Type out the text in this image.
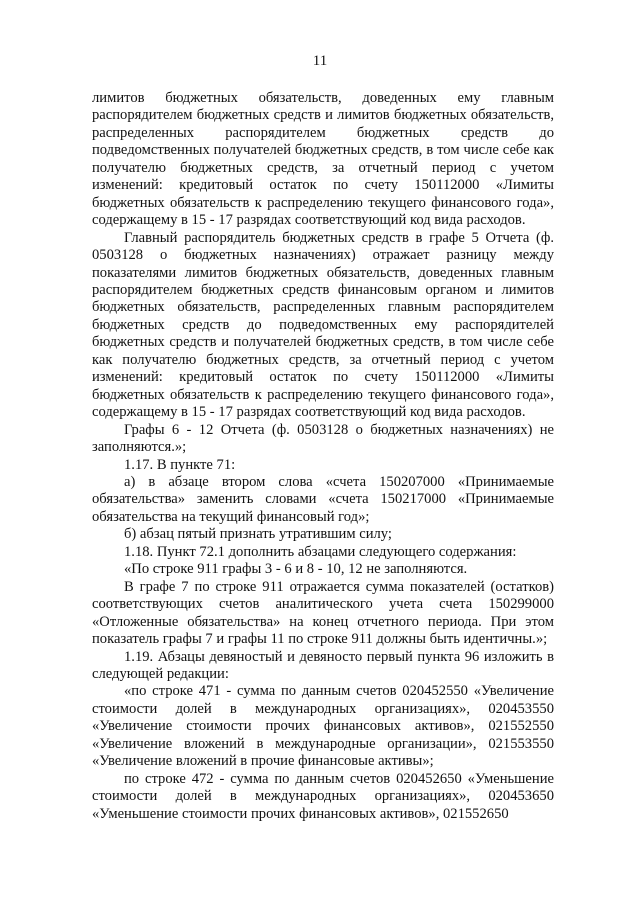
11

лимитов бюджетных обязательств, доведенных ему главным распорядителем бюджетных средств и лимитов бюджетных обязательств, распределенных распорядителем бюджетных средств до подведомственных получателей бюджетных средств, в том числе себе как получателю бюджетных средств, за отчетный период с учетом изменений: кредитовый остаток по счету 150112000 «Лимиты бюджетных обязательств к распределению текущего финансового года», содержащему в 15 - 17 разрядах соответствующий код вида расходов.

Главный распорядитель бюджетных средств в графе 5 Отчета (ф. 0503128 о бюджетных назначениях) отражает разницу между показателями лимитов бюджетных обязательств, доведенных главным распорядителем бюджетных средств финансовым органом и лимитов бюджетных обязательств, распределенных главным распорядителем бюджетных средств до подведомственных ему распорядителей бюджетных средств и получателей бюджетных средств, в том числе себе как получателю бюджетных средств, за отчетный период с учетом изменений: кредитовый остаток по счету 150112000 «Лимиты бюджетных обязательств к распределению текущего финансового года», содержащему в 15 - 17 разрядах соответствующий код вида расходов.

Графы 6 - 12 Отчета (ф. 0503128 о бюджетных назначениях) не заполняются.»;

1.17. В пункте 71:

а) в абзаце втором слова «счета 150207000 «Принимаемые обязательства» заменить словами «счета 150217000 «Принимаемые обязательства на текущий финансовый год»;

б) абзац пятый признать утратившим силу;

1.18. Пункт 72.1 дополнить абзацами следующего содержания:

«По строке 911 графы 3 - 6 и 8 - 10, 12 не заполняются.

В графе 7 по строке 911 отражается сумма показателей (остатков) соответствующих счетов аналитического учета счета 150299000 «Отложенные обязательства» на конец отчетного периода. При этом показатель графы 7 и графы 11 по строке 911 должны быть идентичны.»;

1.19. Абзацы девяностый и девяносто первый пункта 96 изложить в следующей редакции:

«по строке 471 - сумма по данным счетов 020452550 «Увеличение стоимости долей в международных организациях», 020453550 «Увеличение стоимости прочих финансовых активов», 021552550 «Увеличение вложений в международные организации», 021553550 «Увеличение вложений в прочие финансовые активы»;

по строке 472 - сумма по данным счетов 020452650 «Уменьшение стоимости долей в международных организациях», 020453650 «Уменьшение стоимости прочих финансовых активов», 021552650
